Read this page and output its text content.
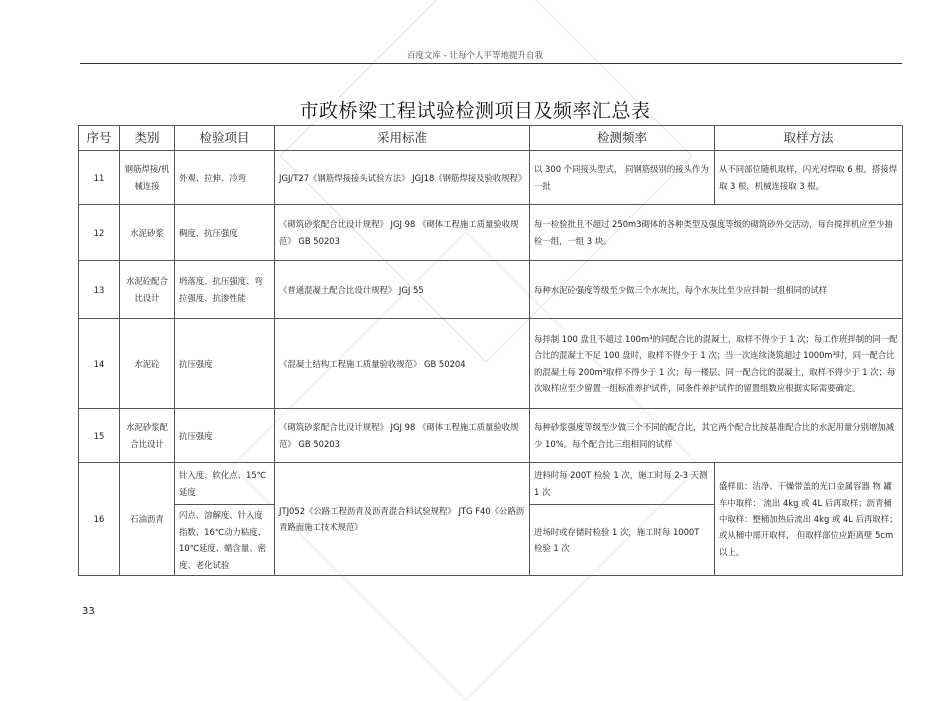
百度文库 - 让每个人平等地提升自我
市政桥梁工程试验检测项目及频率汇总表
序号	类别	检验项目	采用标准	检测频率	取样方法
11	钢筋焊接/机械连接	外观、拉伸、冷弯	JGJ/T27《钢筋焊接接头试验方法》 JGJ18《钢筋焊接及验收规程》	以 300 个同接头型式， 同钢筋级别的接头作为一批	从不同部位随机取样，闪光对焊取 6 根，搭接焊取 3 根，机械连接取 3 根。
12	水泥砂浆	稠度、抗压强度	《砌筑砂浆配合比设计规程》 JGJ 98 《砌体工程施工质量验收规范》 GB 50203	每一检验批且不超过 250m3砌体的各种类型及强度等级的砌筑砂外交活动，每台搅拌机应至少抽检一组，一组 3 块。	
13	水泥砼配合比设计	坍落度、抗压强度、弯拉强度、抗渗性能	《普通混凝土配合比设计规程》 JGJ 55	每种水泥砼强度等级至少做三个水灰比，每个水灰比至少应拌制一组相同的试样	
14	水泥砼	抗压强度	《混凝土结构工程施工质量验收规范》 GB 50204	每拌制 100 盘且不超过 100m³的同配合比的混凝土，取样不得少于 1 次；每工作班拌制的同一配合比的混凝土不足 100 盘时，取样不得少于 1 次；当一次连续浇筑超过 1000m³时，同一配合比的混凝土每 200m³取样不得少于 1 次；每一楼层、同一配合比的混凝土，取样不得少于 1 次；每次取样应至少留置一组标准养护试件，同条件养护试件的留置组数应根据实际需要确定。	
15	水泥砂浆配合比设计	抗压强度	《砌筑砂浆配合比设计规程》 JGJ 98 《砌体工程施工质量验收规范》 GB 50203	每种砂浆强度等级至少做三个不同的配合比，其它两个配合比按基准配合比的水泥用量分别增加减少 10%。每个配合比三组相同的试样	
16	石油沥青	针入度、软化点、15℃延度	JTJ052《公路工程沥青及沥青混合料试验规程》 JTG F40《公路沥青路面施工技术规范》	进料时每 200T 检验 1 次，施工时每 2-3 天测 1 次	盛样皿：洁净、干燥带盖的光口金属容器 物 罐车中取样： 流出 4kg 或 4L 后再取样；沥青桶中取样：整桶加热后流出 4kg 或 4L 后再取样； 或从桶中部开取样， 但取样部位应距离壁 5cm 以上。
		闪点、溶解度、针入度指数、16℃动力粘度、10℃延度、蜡含量、密度、老化试验		进场时或存储时检验 1 次，施工时每 1000T 检验 1 次	
33
